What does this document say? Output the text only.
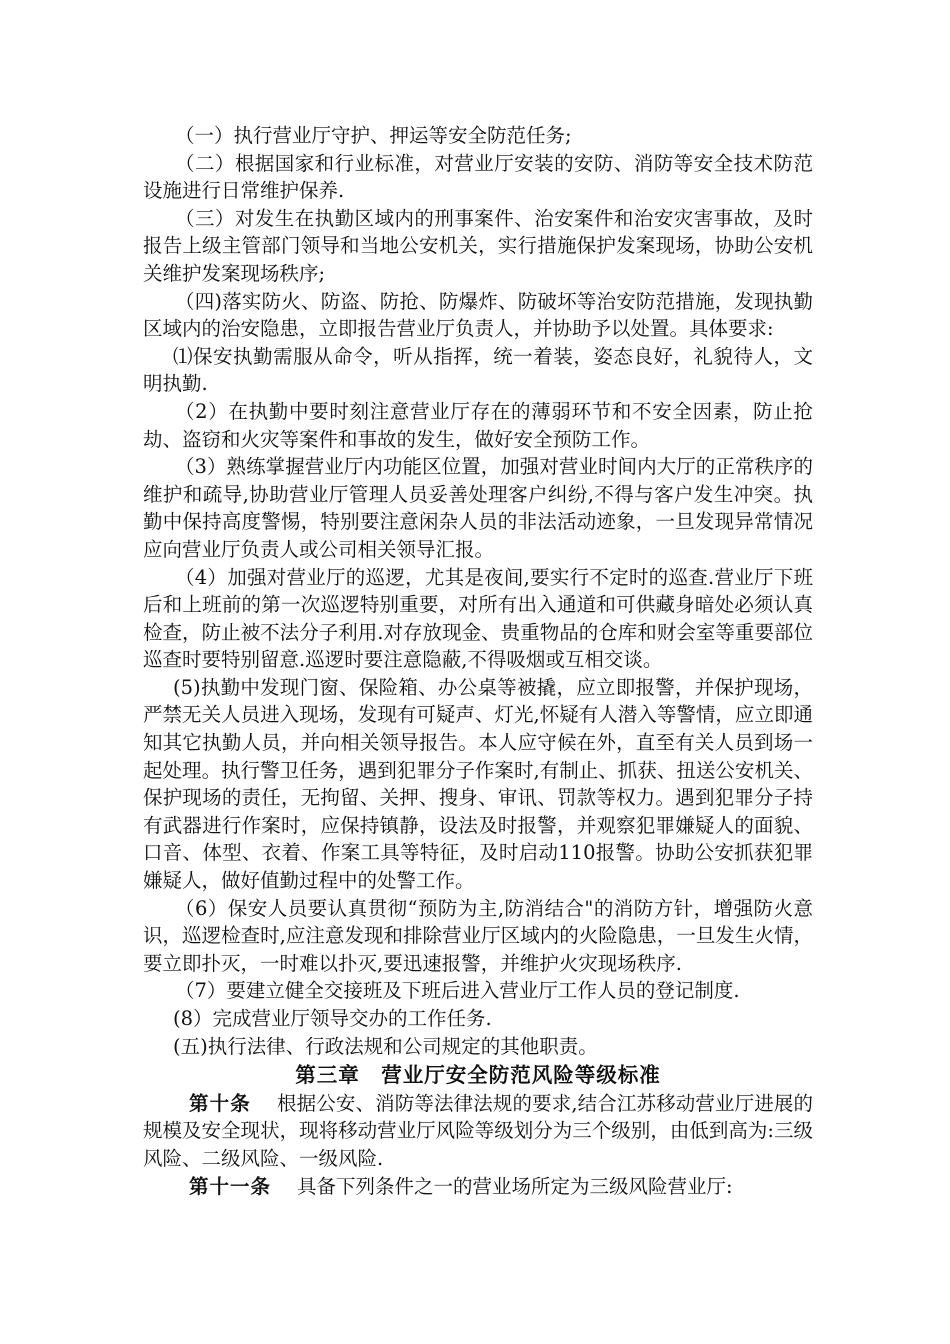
（一）执行营业厅守护、押运等安全防范任务;

（二）根据国家和行业标准，对营业厅安装的安防、消防等安全技术防范设施进行日常维护保养.

（三）对发生在执勤区域内的刑事案件、治安案件和治安灾害事故，及时报告上级主管部门领导和当地公安机关，实行措施保护发案现场，协助公安机关维护发案现场秩序;

（四)落实防火、防盗、防抢、防爆炸、防破坏等治安防范措施，发现执勤区域内的治安隐患，立即报告营业厅负责人，并协助予以处置。具体要求:

⑴保安执勤需服从命令，听从指挥，统一着装，姿态良好，礼貌待人，文明执勤.

（2）在执勤中要时刻注意营业厅存在的薄弱环节和不安全因素，防止抢劫、盗窃和火灾等案件和事故的发生，做好安全预防工作。

（3）熟练掌握营业厅内功能区位置，加强对营业时间内大厅的正常秩序的维护和疏导,协助营业厅管理人员妥善处理客户纠纷,不得与客户发生冲突。执勤中保持高度警惕，特别要注意闲杂人员的非法活动迹象，一旦发现异常情况应向营业厅负责人或公司相关领导汇报。

（4）加强对营业厅的巡逻，尤其是夜间,要实行不定时的巡查.营业厅下班后和上班前的第一次巡逻特别重要，对所有出入通道和可供藏身暗处必须认真检查，防止被不法分子利用.对存放现金、贵重物品的仓库和财会室等重要部位巡查时要特别留意.巡逻时要注意隐蔽,不得吸烟或互相交谈。

(5)执勤中发现门窗、保险箱、办公桌等被撬，应立即报警，并保护现场，严禁无关人员进入现场，发现有可疑声、灯光,怀疑有人潜入等警情，应立即通知其它执勤人员，并向相关领导报告。本人应守候在外，直至有关人员到场一起处理。执行警卫任务，遇到犯罪分子作案时,有制止、抓获、扭送公安机关、保护现场的责任，无拘留、关押、搜身、审讯、罚款等权力。遇到犯罪分子持有武器进行作案时，应保持镇静，设法及时报警，并观察犯罪嫌疑人的面貌、口音、体型、衣着、作案工具等特征，及时启动110报警。协助公安抓获犯罪嫌疑人，做好值勤过程中的处警工作。

（6）保安人员要认真贯彻“预防为主,防消结合"的消防方针，增强防火意识，巡逻检查时,应注意发现和排除营业厅区域内的火险隐患，一旦发生火情，要立即扑灭，一时难以扑灭,要迅速报警，并维护火灾现场秩序.

（7）要建立健全交接班及下班后进入营业厅工作人员的登记制度.

(8）完成营业厅领导交办的工作任务.

(五)执行法律、行政法规和公司规定的其他职责。

第三章　营业厅安全防范风险等级标准

第十条 根据公安、消防等法律法规的要求,结合江苏移动营业厅进展的规模及安全现状，现将移动营业厅风险等级划分为三个级别，由低到高为:三级风险、二级风险、一级风险.

第十一条 具备下列条件之一的营业场所定为三级风险营业厅:
